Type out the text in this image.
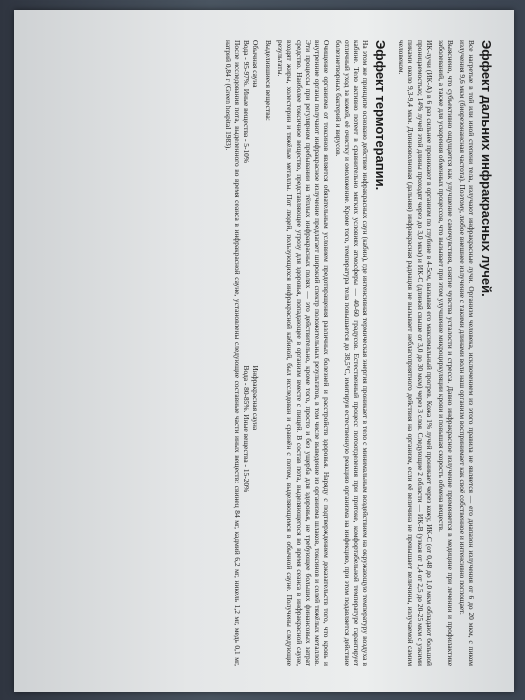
Эффект дальних инфракрасных лучей.

Все нагретые в той или иной степени тела, излучают инфракрасные лучи. Организм человека, исключением из этого правила не является — его диапазон излучения от 6 до 20 мкм, с пиком излучения 9,6 мкм (биорезонансная частота). Поэтому, любое внешнее излучение с такими длинами волн наш организм воспринимает как своё собственное и интенсивно поглощает.

Выяснено, что субъективно ощущается как улучшение самочувствия, снятие чувства усталости и стресса. Давно инфракрасное излучение применяется в медицине при лечении и профилактике заболеваний, а также для ускорения обменных процессов, что вызывает при этом улучшение микроциркуляции крови и повышая скорость обмена веществ.

ИК-лучи (ИК-А) в 6 раз сильнее проникают в организм по глубине в 4-5см, вызывая его максимальный прогрев. Кожа 1% лучей проникает через кожу, ИК-С (от 0,48 до 1,0 мкм обладают большой проницаемостью; 14% лучей этой длины проходят через до 3,0 мкм) и ИК-С (длиной свыше от 3,0 до 30 мкм) через 3 слоя. Следующие 2 области — ИК-В (узкая от 1,4 от 2,5 до 20-25 мкм с узкими пиками около 9,3-9,4 мкм. Длинноволновая (дальняя) инфракрасная радиация не вызывает неблагоприятного действия на организм, если её величина не превышает величины, излучаемой самим человеком.

Эффект термотерапии.

На этом же принципе основано действие инфракрасных саун (кабин), где интенсивная термическая энергия проникает в тело с минимальным воздействием на окружающую температуру воздуха в кабине. Тело активно потеет в сравнительно мягких условиях атмосферы — 40-60 градусов. Естественный процесс потоотделения при притоке, комфортабельной температуре гарантирует отличный уход за кожей, её очистку и омоложение. Кроме того, температура тела повышается до 38,5°С, имитируя естественную реакцию организма на инфекцию, при этом подавляется действие болезнетворных бактерий и вирусов.

Очищение организма от токсинов является обязательным условием предотвращения различных болезней и расстройств здоровья. Наряду с подтверждением доказательств того, что кровь и внутренние органы получают инфракрасное излучение предлагает широкий спектр положительных результатов, в том числе выведение из организма шлаков, токсинов и солей тяжёлых металлов. Эти процессы при регулярном пребывании на тёплых инфракрасных полях — это действительно, кроме того, просто и без ущерба для здоровья, не требующее больших финансовых затрат средство. Наиболее токсичное вещество, представляющее угрозу для здоровья, попадающее в организм вместе с пищей. В состав пота, выделяющегося во время сеанса в инфракрасной сауне, входят жиры, холестерин и тяжёлые металлы. Пот людей, пользующихся инфракрасной кабиной, был исследован и сравнён с потом, выделяющимся в обычной сауне. Получены следующие результаты.

Выделившиеся вещества:
Обычная сауна
Вода - 95-97%. Иные вещества - 5-10%
Инфракрасная сауна
Вода - 80-85%. Иные вещества - 15-20%

После исследования пота, выделенного во время сеанса в инфракрасной сауне, установлены следующие составные части иных веществ: свинец 84 мг, кадмий 6,2 мг, никель 1,2 мг, медь 0,1 мг, натрий 0,84 г (Green hospital 1983).
